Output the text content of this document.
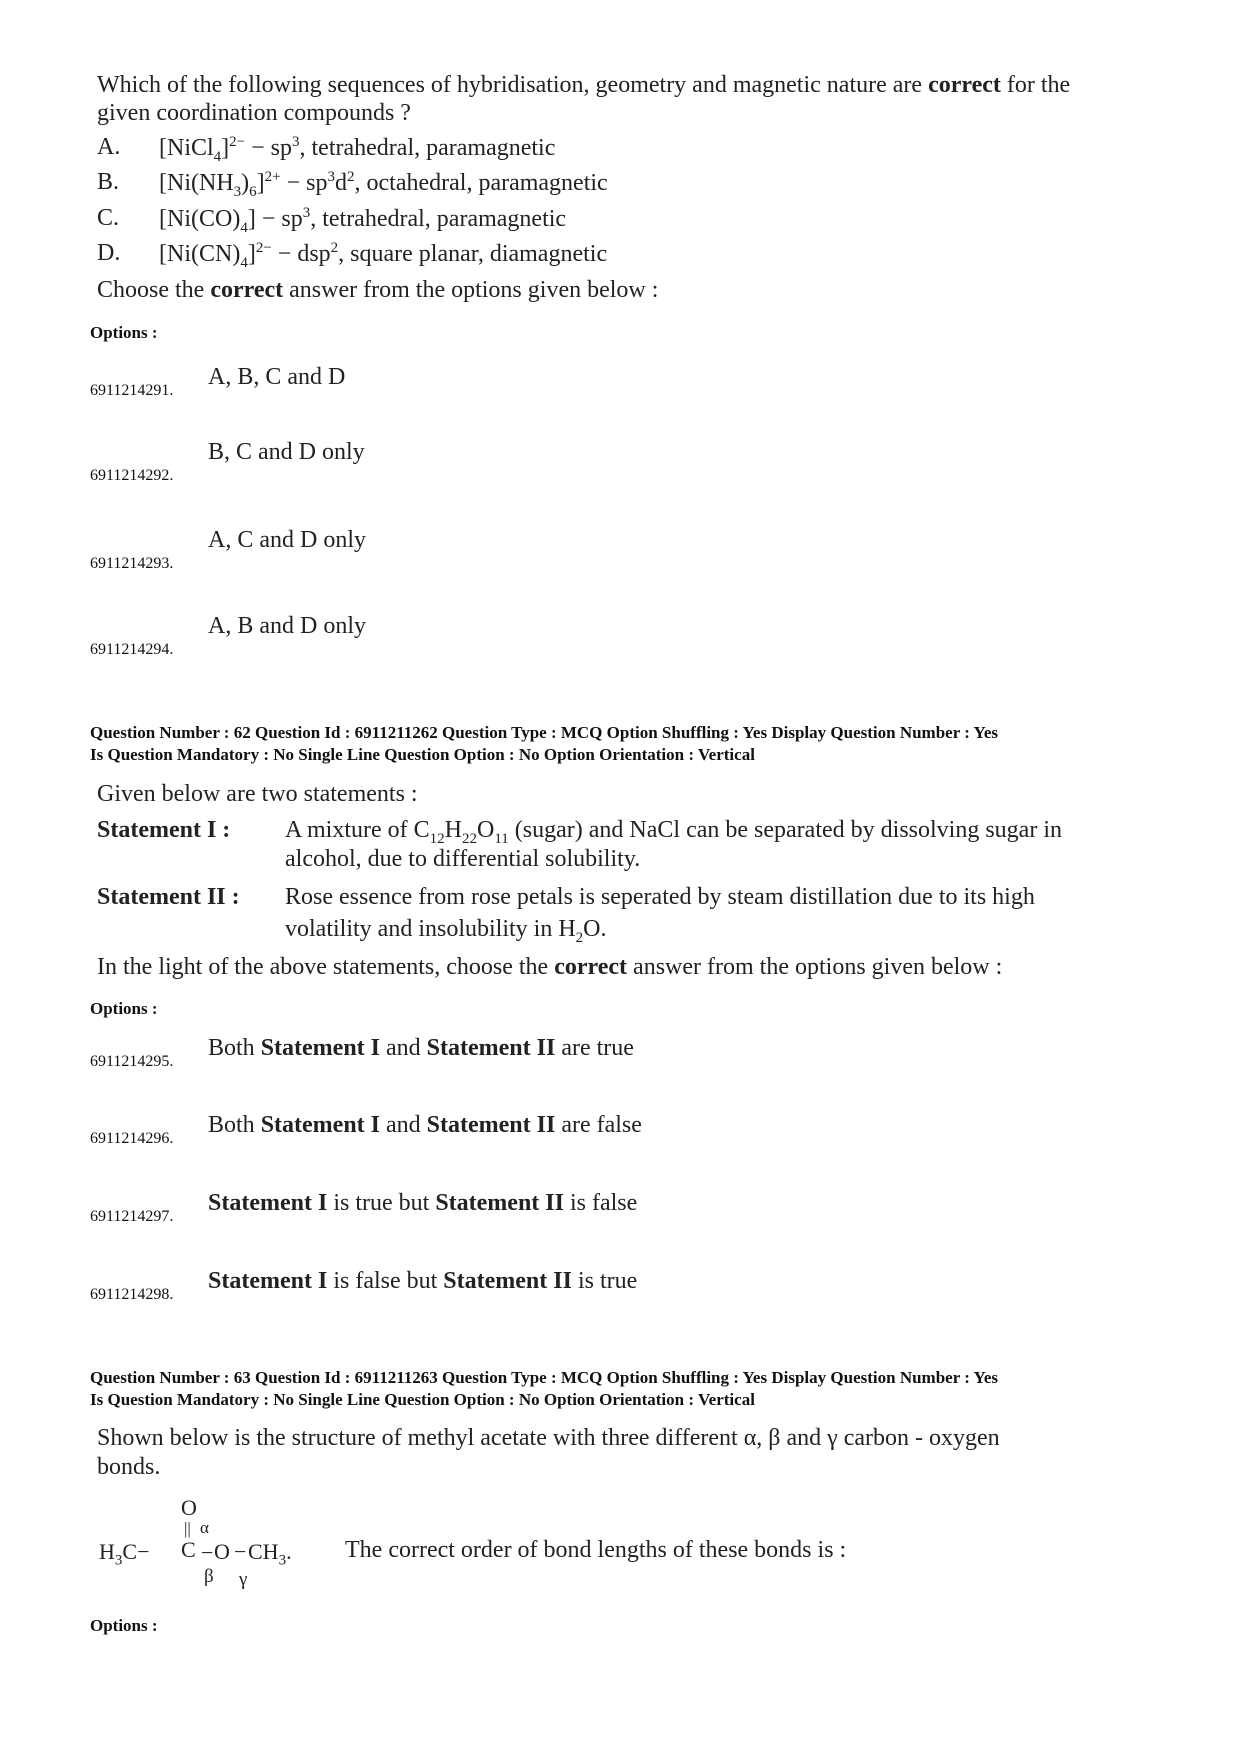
Which of the following sequences of hybridisation, geometry and magnetic nature are correct for the
given coordination compounds ?
A. [NiCl$_4$]$^{2-}$ − $sp^3$, tetrahedral, paramagnetic
B. $[Ni(NH_3)_6]^{2+} - sp^3d^2$, octahedral, paramagnetic
C. $[Ni(CO)_4] - sp^3$, tetrahedral, paramagnetic
D. $[Ni(CN)_4]^{2-} - dsp^2$, square planar, diamagnetic
Choose the correct answer from the options given below :
Options :
6911214291.
A, B, C and D
6911214292.
B, C and D only
6911214293.
A, C and D only
6911214294.
A, B and D only
Question Number : 62 Question Id : 6911211262 Question Type : MCQ Option Shuffling : Yes Display Question Number : Yes
Is Question Mandatory : No Single Line Question Option : No Option Orientation : Vertical
Given below are two statements :
Statement I : A mixture of $C_{12}H_{22}O_{11}$ (sugar) and NaCl can be separated by dissolving sugar in
alcohol, due to differential solubility.
Statement II : Rose essence from rose petals is seperated by steam distillation due to its high
volatility and insolubility in $H_2O$.
In the light of the above statements, choose the correct answer from the options given below :
Options :
6911214295.
Both Statement I and Statement II are true
6911214296.
Both Statement I and Statement II are false
6911214297.
Statement I is true but Statement II is false
6911214298.
Statement I is false but Statement II is true
Question Number : 63 Question Id : 6911211263 Question Type : MCQ Option Shuffling : Yes Display Question Number : Yes
Is Question Mandatory : No Single Line Question Option : No Option Orientation : Vertical
Shown below is the structure of methyl acetate with three different α, β and γ carbon - oxygen
bonds.
O
|| α
$H_3C- C - O - CH_3$.
β γ
The correct order of bond lengths of these bonds is :
Options :
